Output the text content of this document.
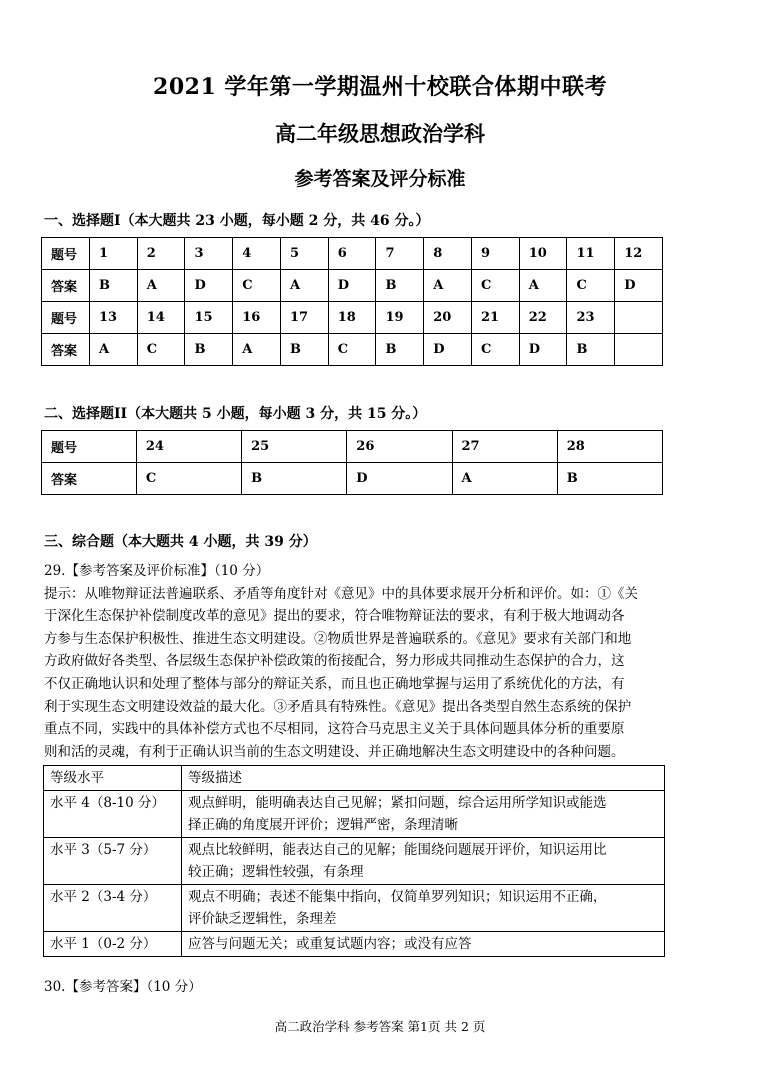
2021 学年第一学期温州十校联合体期中联考
高二年级思想政治学科
参考答案及评分标准
一、选择题I（本大题共 23 小题，每小题 2 分，共 46 分。）
题号	1	2	3	4	5	6	7	8	9	10	11	12
答案	B	A	D	C	A	D	B	A	C	A	C	D
题号	13	14	15	16	17	18	19	20	21	22	23	
答案	A	C	B	A	B	C	B	D	C	D	B	
二、选择题II（本大题共 5 小题，每小题 3 分，共 15 分。）
题号	24	25	26	27	28
答案	C	B	D	A	B
三、综合题（本大题共 4 小题，共 39 分）

29.【参考答案及评价标准】（10 分）

提示：从唯物辩证法普遍联系、矛盾等角度针对《意见》中的具体要求展开分析和评价。如：①《关

于深化生态保护补偿制度改革的意见》提出的要求，符合唯物辩证法的要求，有利于极大地调动各

方参与生态保护积极性、推进生态文明建设。②物质世界是普遍联系的。《意见》要求有关部门和地

方政府做好各类型、各层级生态保护补偿政策的衔接配合，努力形成共同推动生态保护的合力，这

不仅正确地认识和处理了整体与部分的辩证关系，而且也正确地掌握与运用了系统优化的方法，有

利于实现生态文明建设效益的最大化。③矛盾具有特殊性。《意见》提出各类型自然生态系统的保护

重点不同，实践中的具体补偿方式也不尽相同，这符合马克思主义关于具体问题具体分析的重要原

则和活的灵魂，有利于正确认识当前的生态文明建设、并正确地解决生态文明建设中的各种问题。

等级水平	等级描述
水平 4（8-10 分）	观点鲜明，能明确表达自己见解；紧扣问题，综合运用所学知识或能选
择正确的角度展开评价；逻辑严密，条理清晰

水平 3（5-7 分）	观点比较鲜明，能表达自己的见解；能围绕问题展开评价，知识运用比
较正确；逻辑性较强，有条理

水平 2（3-4 分）	观点不明确；表述不能集中指向，仅简单罗列知识；知识运用不正确，
评价缺乏逻辑性，条理差

水平 1（0-2 分）	应答与问题无关；或重复试题内容；或没有应答
30.【参考答案】（10 分）
高二政治学科 参考答案 第1页 共 2 页
